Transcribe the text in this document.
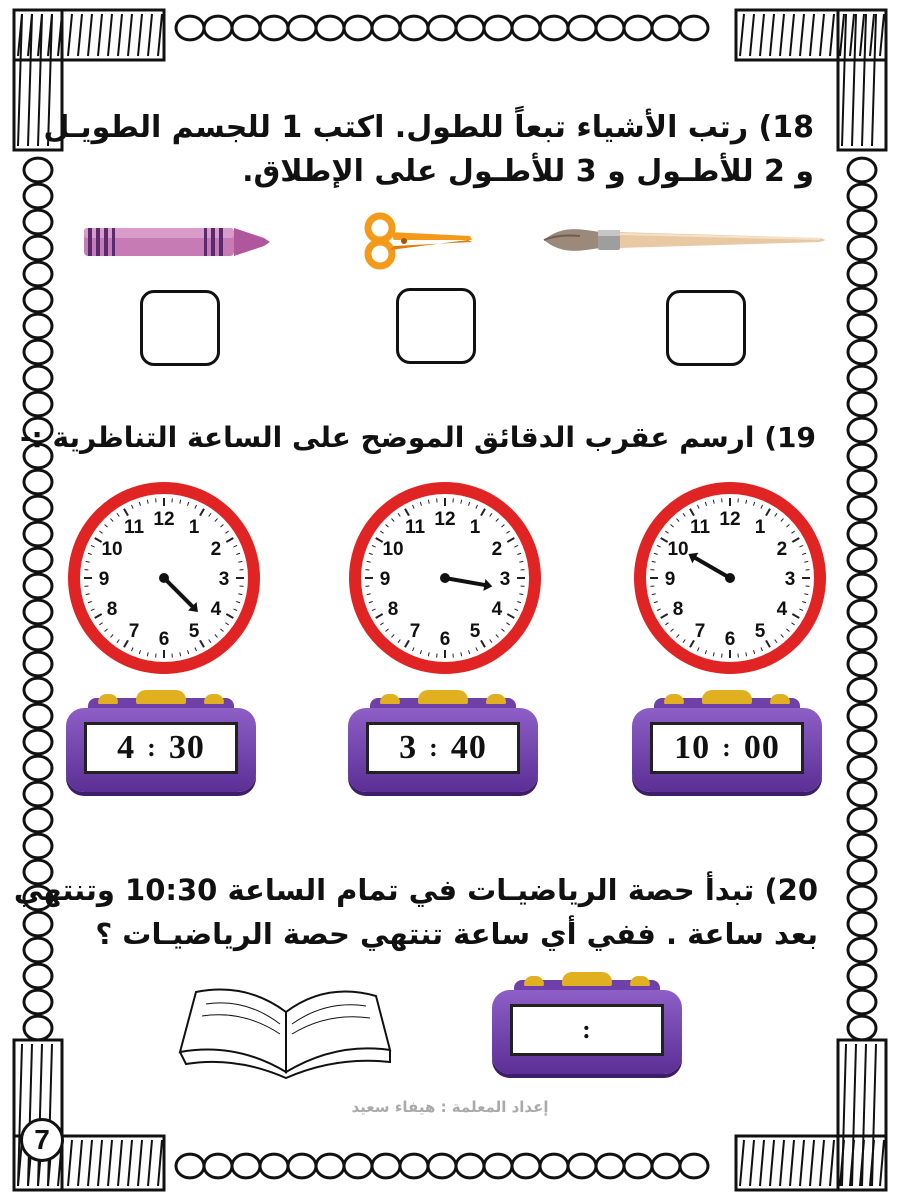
18) رتب الأشياء تبعاً للطول. اكتب 1 للجسم الطويـل
و 2 للأطـول و 3 للأطـول على الإطلاق.
19) ارسم عقرب الدقائق الموضح على الساعة التناظرية :-
12 1
2
3
4
5
6
7
8
9
10
11	12 1
2
3
4
5
6
7
8
9
10
11	12 1
2
3
4
5
6
7
8
9
10
11
4 : 30	3 : 40	10 : 00
20) تبدأ حصة الرياضيـات في تمام الساعة 10:30 وتنتهي
بعد ساعة . ففي أي ساعة تنتهي حصة الرياضيـات ؟
:
إعداد المعلمة : هيفاء سعيد
7
